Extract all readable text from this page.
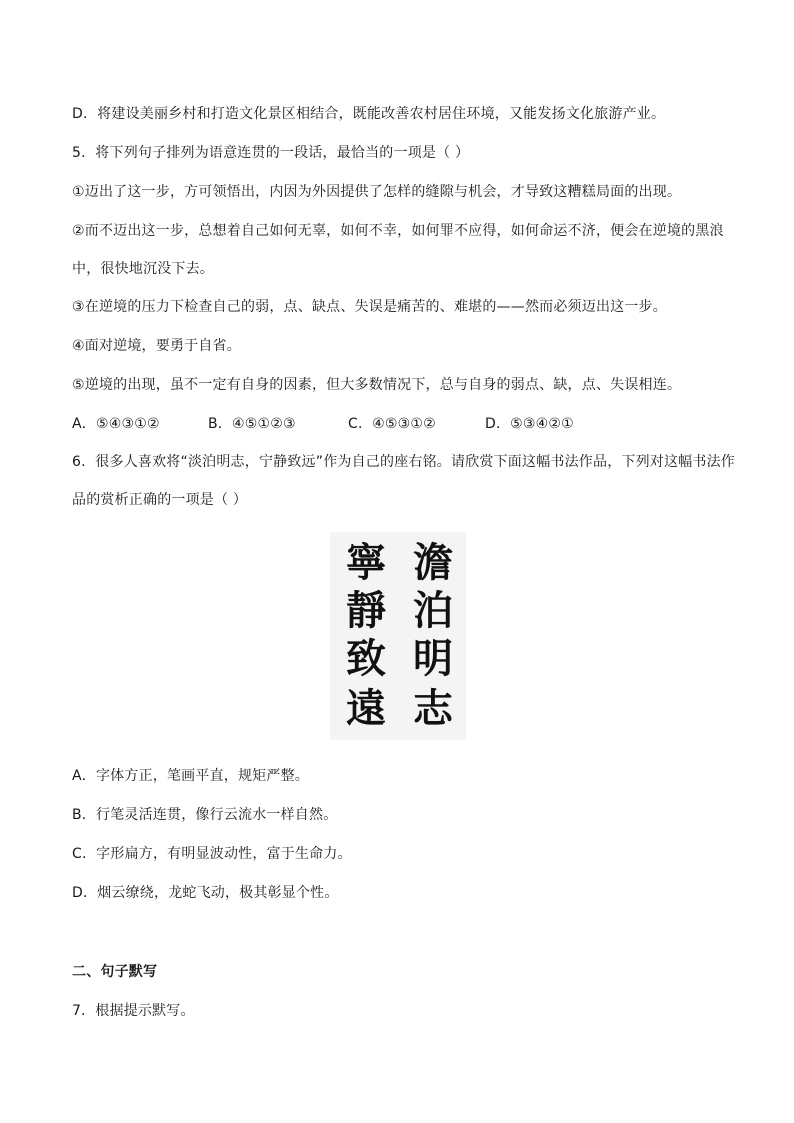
D．将建设美丽乡村和打造文化景区相结合，既能改善农村居住环境，又能发扬文化旅游产业。
5．将下列句子排列为语意连贯的一段话，最恰当的一项是（ ）
①迈出了这一步，方可领悟出，内因为外因提供了怎样的缝隙与机会，才导致这糟糕局面的出现。
②而不迈出这一步，总想着自己如何无辜，如何不幸，如何罪不应得，如何命运不济，便会在逆境的黑浪
中，很快地沉没下去。
③在逆境的压力下检查自己的弱，点、缺点、失误是痛苦的、难堪的——然而必须迈出这一步。
④面对逆境，要勇于自省。
⑤逆境的出现，虽不一定有自身的因素，但大多数情况下，总与自身的弱点、缺，点、失误相连。
A．⑤④③①②	B．④⑤①②③	C．④⑤③①②	D．⑤③④②①
6．很多人喜欢将“淡泊明志，宁静致远”作为自己的座右铭。请欣赏下面这幅书法作品，下列对这幅书法作
品的赏析正确的一项是（ ）
澹
泊
明
志
寧
靜
致
遠
A．字体方正，笔画平直，规矩严整。
B．行笔灵活连贯，像行云流水一样自然。
C．字形扁方，有明显波动性，富于生命力。
D．烟云缭绕，龙蛇飞动，极其彰显个性。
二、句子默写
7．根据提示默写。
